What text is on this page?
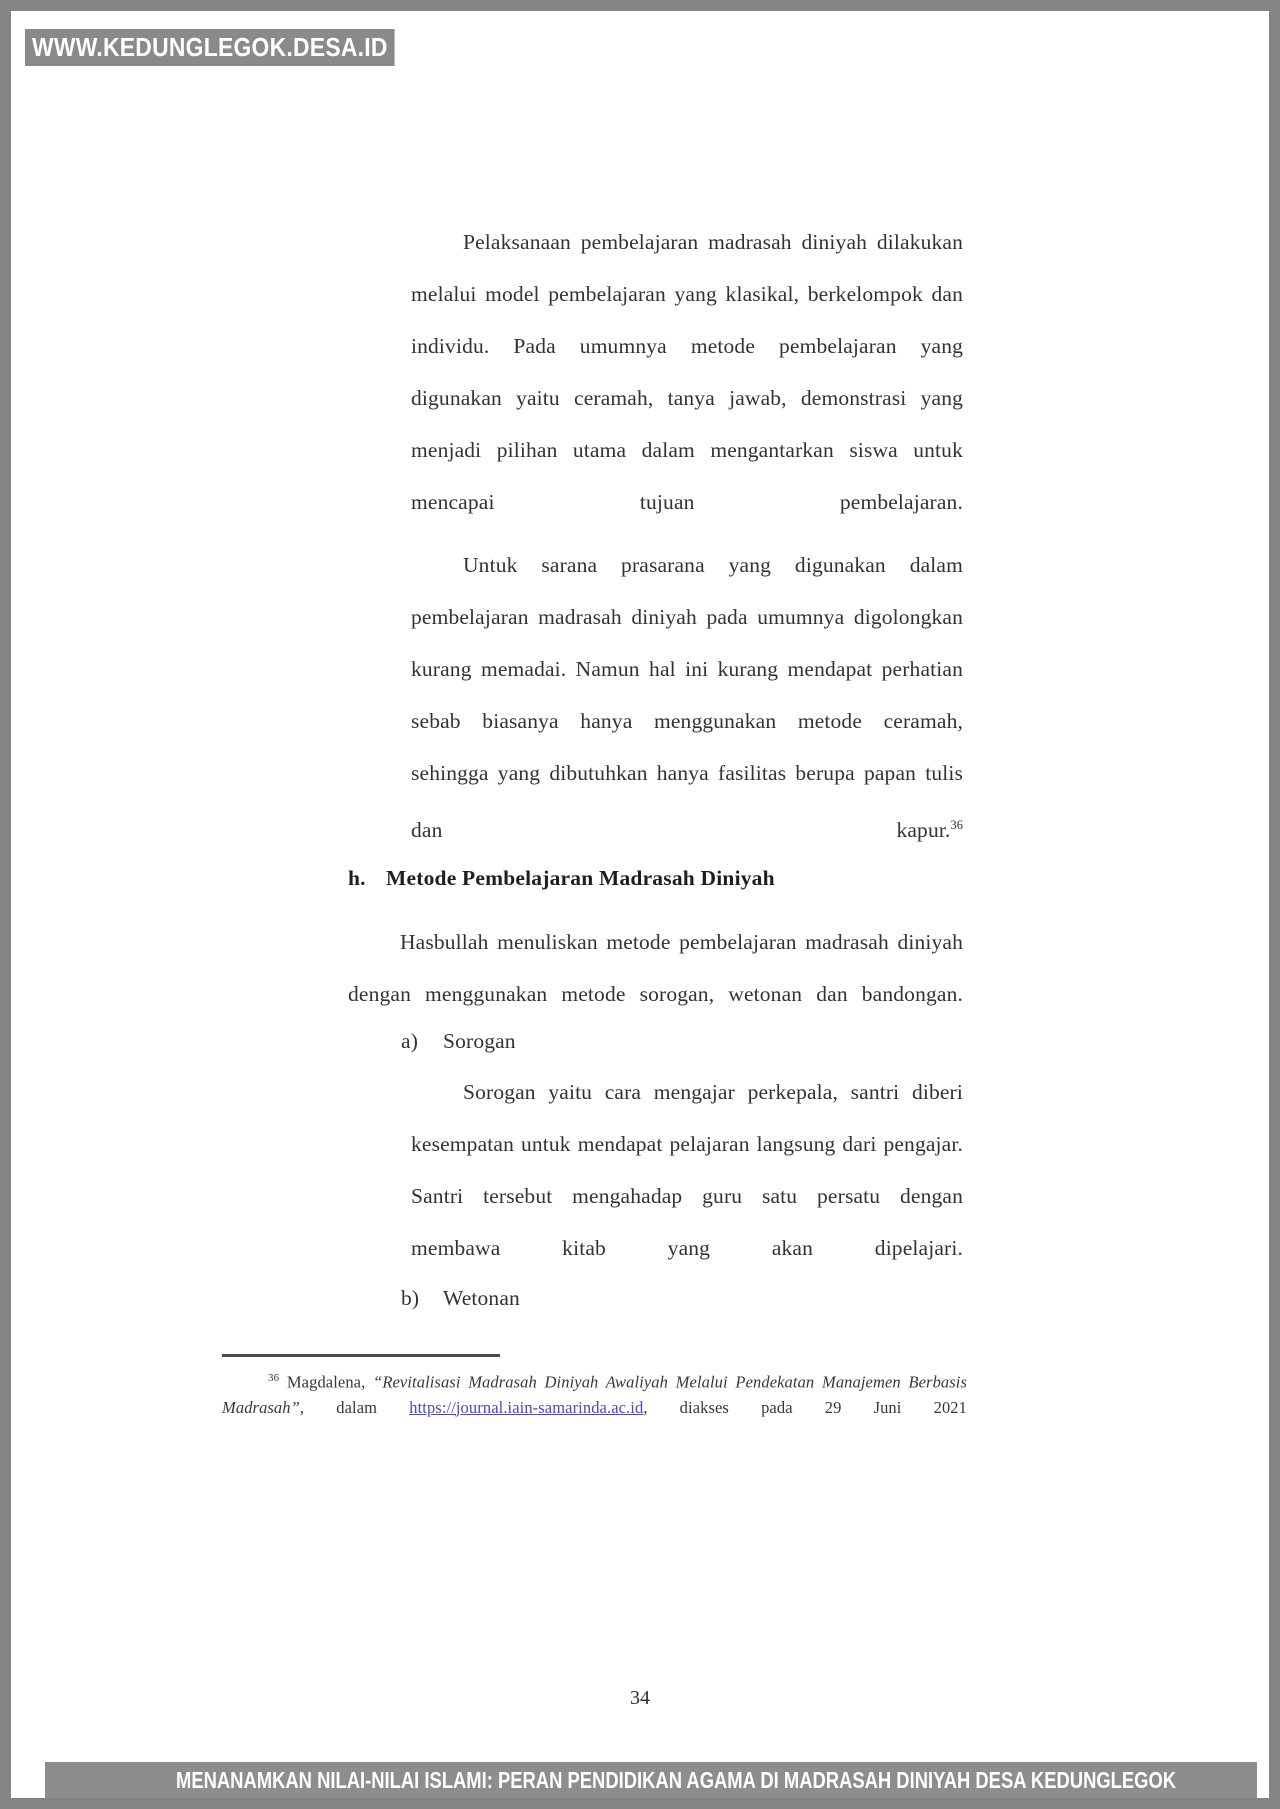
Pelaksanaan pembelajaran madrasah diniyah dilakukan melalui model pembelajaran yang klasikal, berkelompok dan individu. Pada umumnya metode pembelajaran yang digunakan yaitu ceramah, tanya jawab, demonstrasi yang menjadi pilihan utama dalam mengantarkan siswa untuk mencapai tujuan pembelajaran.
Untuk sarana prasarana yang digunakan dalam pembelajaran madrasah diniyah pada umumnya digolongkan kurang memadai. Namun hal ini kurang mendapat perhatian sebab biasanya hanya menggunakan metode ceramah, sehingga yang dibutuhkan hanya fasilitas berupa papan tulis dan kapur.$^{36}$
h. Metode Pembelajaran Madrasah Diniyah
Hasbullah menuliskan metode pembelajaran madrasah diniyah dengan menggunakan metode sorogan, wetonan dan bandongan.
a) Sorogan
Sorogan yaitu cara mengajar perkepala, santri diberi kesempatan untuk mendapat pelajaran langsung dari pengajar. Santri tersebut mengahadap guru satu persatu dengan membawa kitab yang akan dipelajari.
b) Wetonan
$^{36}$ Magdalena, “Revitalisasi Madrasah Diniyah Awaliyah Melalui Pendekatan Manajemen Berbasis Madrasah”, dalam https://journal.iain-samarinda.ac.id, diakses pada 29 Juni 2021
34
WWW.KEDUNGLEGOK.DESA.ID
MENANAMKAN NILAI-NILAI ISLAMI: PERAN PENDIDIKAN AGAMA DI MADRASAH DINIYAH DESA KEDUNGLEGOK
